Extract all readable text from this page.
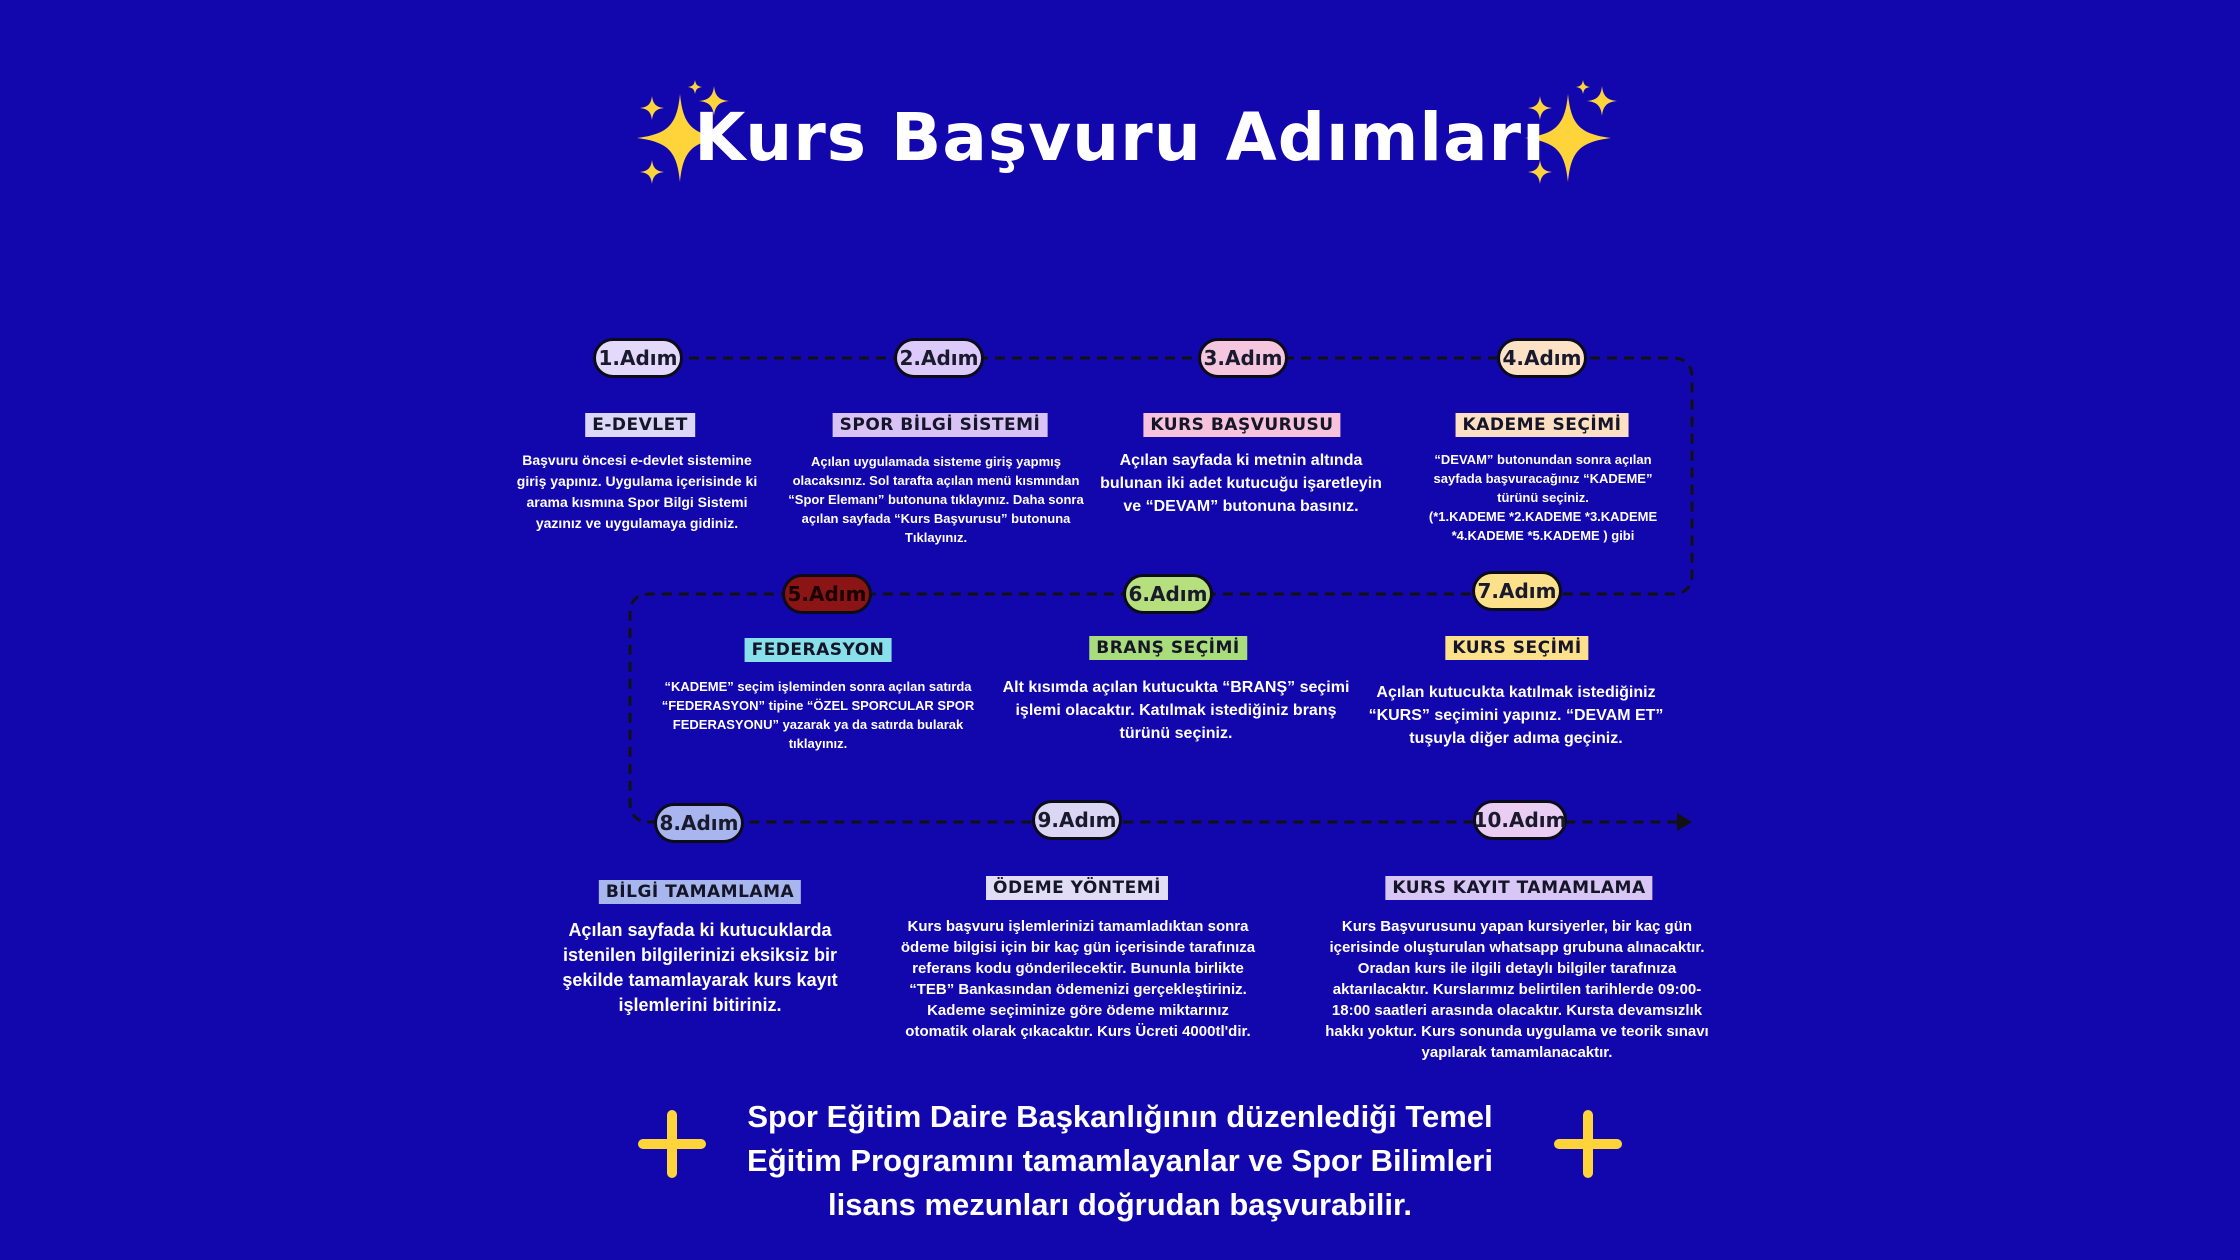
Kurs Başvuru Adımları
1.Adım
E-DEVLET
Başvuru öncesi e-devlet sistemine
giriş yapınız. Uygulama içerisinde ki
arama kısmına Spor Bilgi Sistemi
yazınız ve uygulamaya gidiniz.
2.Adım
SPOR BİLGİ SİSTEMİ
Açılan uygulamada sisteme giriş yapmış
olacaksınız. Sol tarafta açılan menü kısmından
“Spor Elemanı” butonuna tıklayınız. Daha sonra
açılan sayfada “Kurs Başvurusu” butonuna
Tıklayınız.
3.Adım
KURS BAŞVURUSU
Açılan sayfada ki metnin altında
bulunan iki adet kutucuğu işaretleyin
ve “DEVAM” butonuna basınız.
4.Adım
KADEME SEÇİMİ
“DEVAM” butonundan sonra açılan
sayfada başvuracağınız “KADEME”
türünü seçiniz.
(*1.KADEME *2.KADEME *3.KADEME
*4.KADEME *5.KADEME ) gibi
5.Adım
FEDERASYON
“KADEME” seçim işleminden sonra açılan satırda
“FEDERASYON” tipine “ÖZEL SPORCULAR SPOR
FEDERASYONU” yazarak ya da satırda bularak
tıklayınız.
6.Adım
BRANŞ SEÇİMİ
Alt kısımda açılan kutucukta “BRANŞ” seçimi
işlemi olacaktır. Katılmak istediğiniz branş
türünü seçiniz.
7.Adım
KURS SEÇİMİ
Açılan kutucukta katılmak istediğiniz
“KURS” seçimini yapınız. “DEVAM ET”
tuşuyla diğer adıma geçiniz.
8.Adım
BİLGİ TAMAMLAMA
Açılan sayfada ki kutucuklarda
istenilen bilgilerinizi eksiksiz bir
şekilde tamamlayarak kurs kayıt
işlemlerini bitiriniz.
9.Adım
ÖDEME YÖNTEMİ
Kurs başvuru işlemlerinizi tamamladıktan sonra
ödeme bilgisi için bir kaç gün içerisinde tarafınıza
referans kodu gönderilecektir. Bununla birlikte
“TEB” Bankasından ödemenizi gerçekleştiriniz.
Kademe seçiminize göre ödeme miktarınız
otomatik olarak çıkacaktır. Kurs Ücreti 4000tl'dir.
10.Adım
KURS KAYIT TAMAMLAMA
Kurs Başvurusunu yapan kursiyerler, bir kaç gün
içerisinde oluşturulan whatsapp grubuna alınacaktır.
Oradan kurs ile ilgili detaylı bilgiler tarafınıza
aktarılacaktır. Kurslarımız belirtilen tarihlerde 09:00-
18:00 saatleri arasında olacaktır. Kursta devamsızlık
hakkı yoktur. Kurs sonunda uygulama ve teorik sınavı
yapılarak tamamlanacaktır.
Spor Eğitim Daire Başkanlığının düzenlediği Temel
Eğitim Programını tamamlayanlar ve Spor Bilimleri
lisans mezunları doğrudan başvurabilir.
